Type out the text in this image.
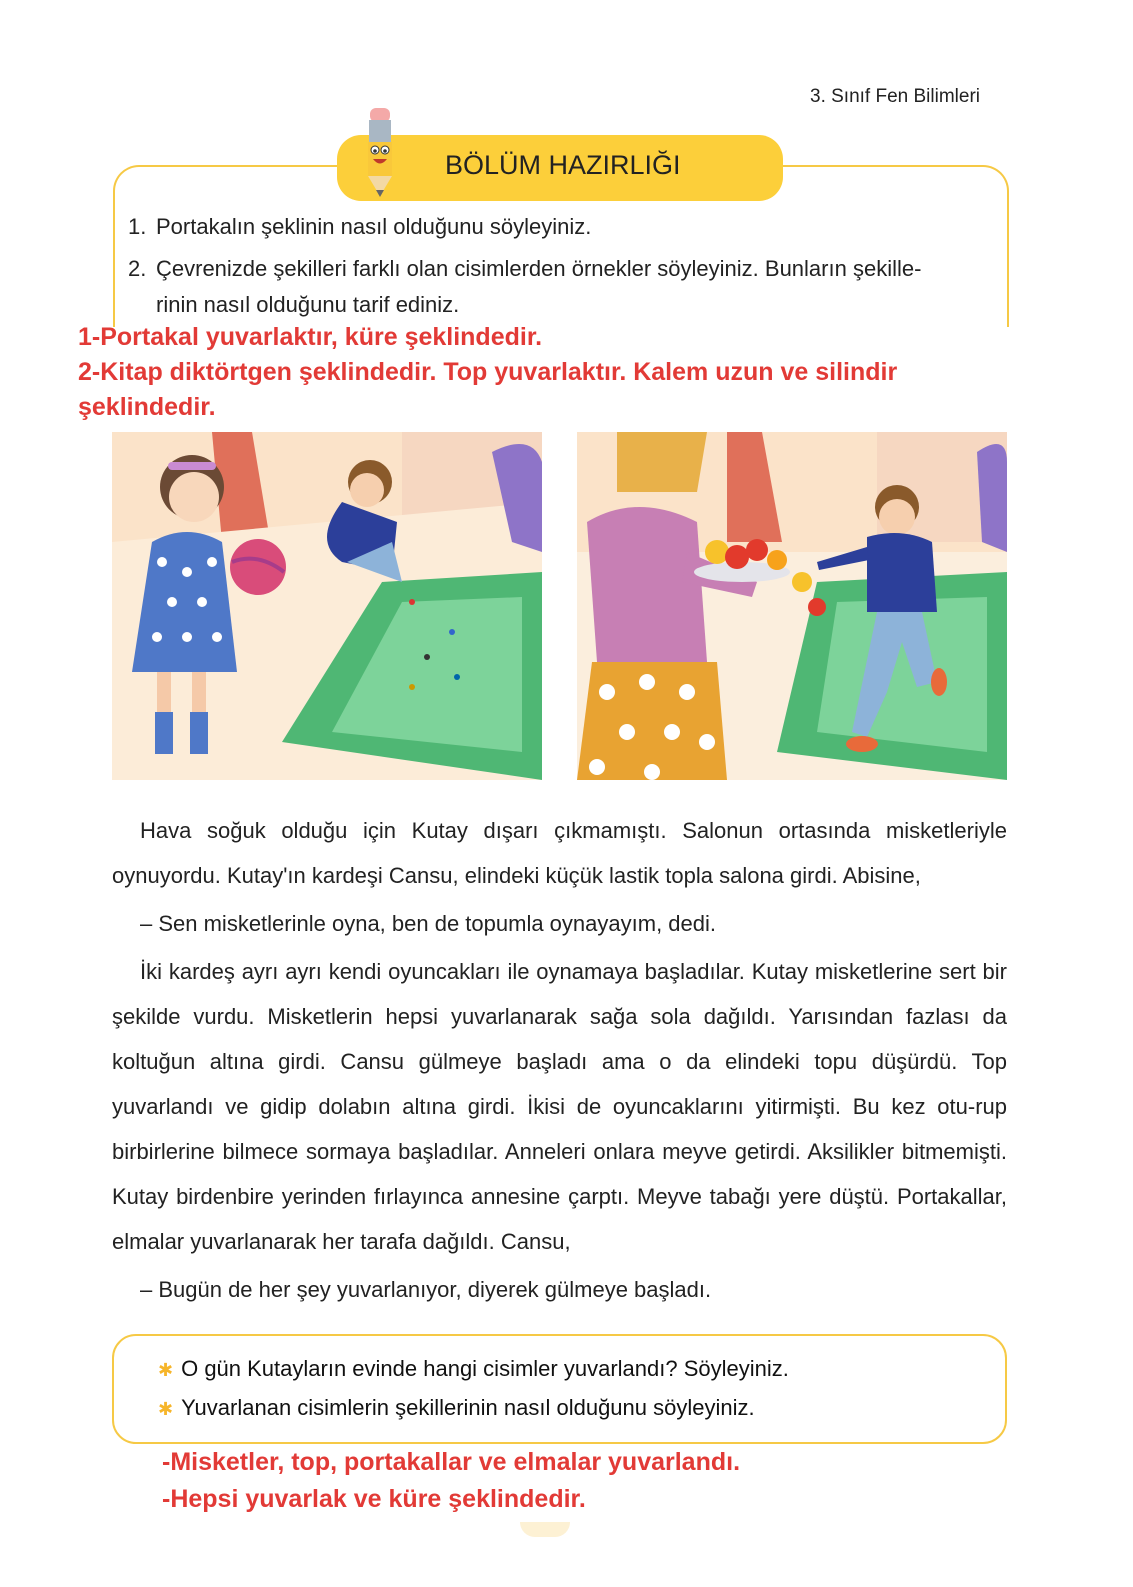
3. Sınıf Fen Bilimleri
BÖLÜM HAZIRLIĞI
1. Portakalın şeklinin nasıl olduğunu söyleyiniz.
2. Çevrenizde şekilleri farklı olan cisimlerden örnekler söyleyiniz. Bunların şekille-
rinin nasıl olduğunu tarif ediniz.
1-Portakal yuvarlaktır, küre şeklindedir.
2-Kitap diktörtgen şeklindedir. Top yuvarlaktır. Kalem uzun ve silindir
şeklindedir.

Hava soğuk olduğu için Kutay dışarı çıkmamıştı. Salonun ortasında misketleriyle oynuyordu. Kutay'ın kardeşi Cansu, elindeki küçük lastik topla salona girdi. Abisine,

– Sen misketlerinle oyna, ben de topumla oynayayım, dedi.

İki kardeş ayrı ayrı kendi oyuncakları ile oynamaya başladılar. Kutay misketlerine sert bir şekilde vurdu. Misketlerin hepsi yuvarlanarak sağa sola dağıldı. Yarısından fazlası da koltuğun altına girdi. Cansu gülmeye başladı ama o da elindeki topu düşürdü. Top yuvarlandı ve gidip dolabın altına girdi. İkisi de oyuncaklarını yitirmişti. Bu kez otu-rup birbirlerine bilmece sormaya başladılar. Anneleri onlara meyve getirdi. Aksilikler bitmemişti. Kutay birdenbire yerinden fırlayınca annesine çarptı. Meyve tabağı yere düştü. Portakallar, elmalar yuvarlanarak her tarafa dağıldı. Cansu,

– Bugün de her şey yuvarlanıyor, diyerek gülmeye başladı.

✱ O gün Kutayların evinde hangi cisimler yuvarlandı? Söyleyiniz.
✱ Yuvarlanan cisimlerin şekillerinin nasıl olduğunu söyleyiniz.
-Misketler, top, portakallar ve elmalar yuvarlandı.
-Hepsi yuvarlak ve küre şeklindedir.
